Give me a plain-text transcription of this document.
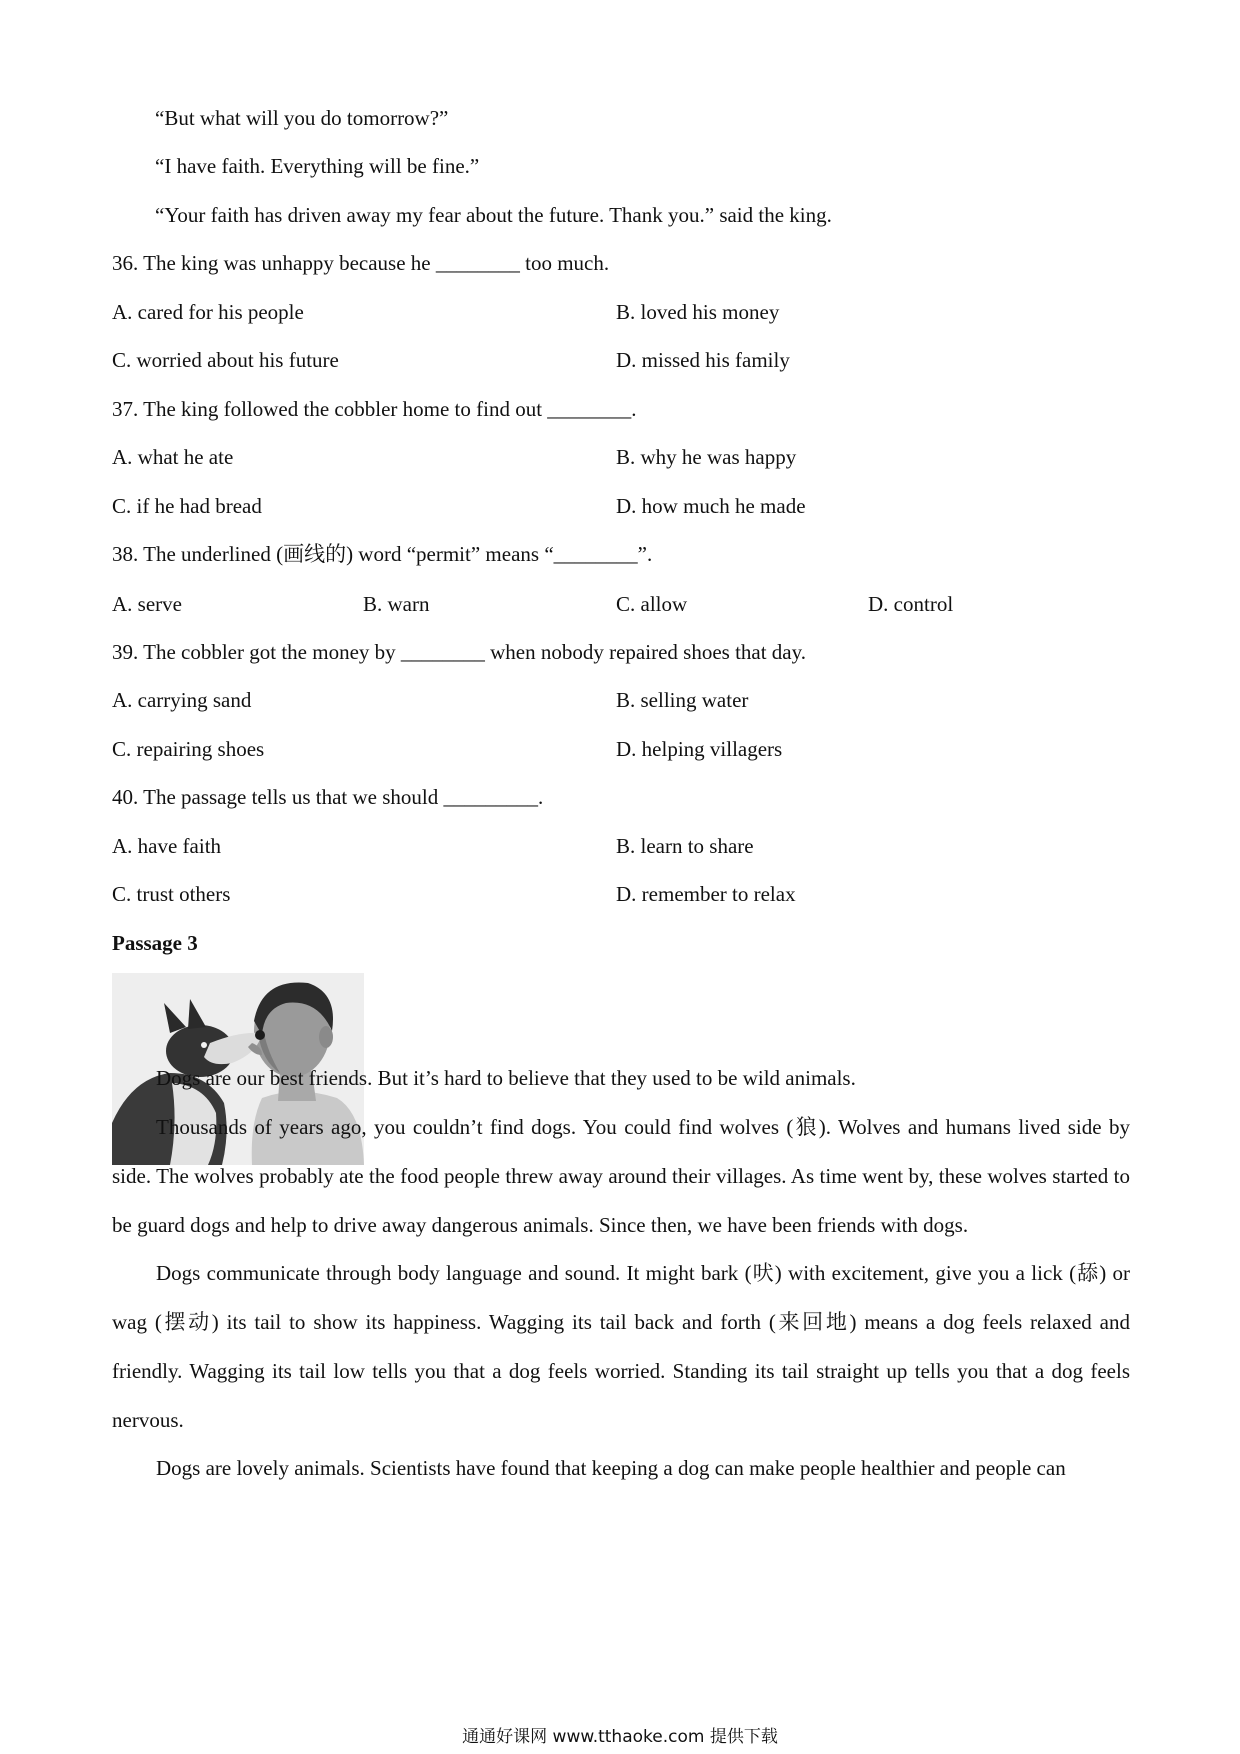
“But what will you do tomorrow?”
“I have faith. Everything will be fine.”
“Your faith has driven away my fear about the future. Thank you.” said the king.
36. The king was unhappy because he ________ too much.
A. cared for his people	B. loved his money
C. worried about his future	D. missed his family
37. The king followed the cobbler home to find out ________.
A. what he ate	B. why he was happy
C. if he had bread	D. how much he made
38. The underlined (画线的) word “permit” means “________”.
A. serve	B. warn	C. allow	D. control
39. The cobbler got the money by ________ when nobody repaired shoes that day.
A. carrying sand	B. selling water
C. repairing shoes	D. helping villagers
40. The passage tells us that we should _________.
A. have faith	B. learn to share
C. trust others	D. remember to relax
Passage 3
Dogs are our best friends. But it’s hard to believe that they used to be wild animals.
Thousands of years ago, you couldn’t find dogs. You could find wolves (狼). Wolves and humans lived side by side. The wolves probably ate the food people threw away around their villages. As time went by, these wolves started to be guard dogs and help to drive away dangerous animals. Since then, we have been friends with dogs.
Dogs communicate through body language and sound. It might bark (吠) with excitement, give you a lick (舔) or wag (摆动) its tail to show its happiness. Wagging its tail back and forth (来回地) means a dog feels relaxed and friendly. Wagging its tail low tells you that a dog feels worried. Standing its tail straight up tells you that a dog feels nervous.
Dogs are lovely animals. Scientists have found that keeping a dog can make people healthier and people can
通通好课网 www.tthaoke.com 提供下载
